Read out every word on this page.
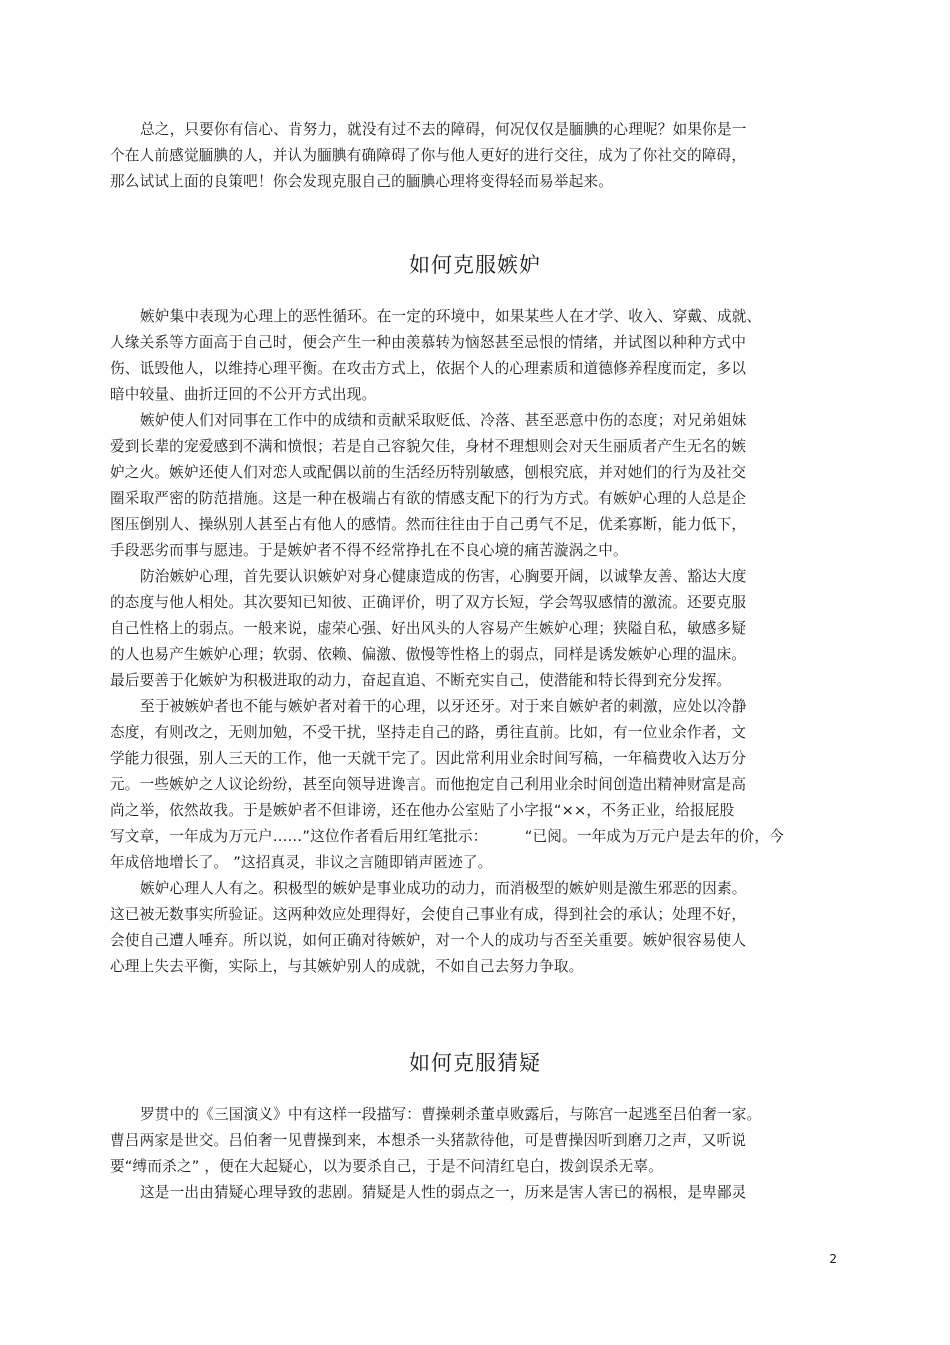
总之，只要你有信心、肯努力，就没有过不去的障碍，何况仅仅是腼腆的心理呢？如果你是一
个在人前感觉腼腆的人，并认为腼腆有确障碍了你与他人更好的进行交往，成为了你社交的障碍，
那么试试上面的良策吧！你会发现克服自己的腼腆心理将变得轻而易举起来。

如何克服嫉妒

嫉妒集中表现为心理上的恶性循环。在一定的环境中，如果某些人在才学、收入、穿戴、成就、
人缘关系等方面高于自己时，便会产生一种由羡慕转为恼怒甚至忌恨的情绪，并试图以种种方式中
伤、诋毁他人，以维持心理平衡。在攻击方式上，依据个人的心理素质和道德修养程度而定，多以
暗中较量、曲折迂回的不公开方式出现。

嫉妒使人们对同事在工作中的成绩和贡献采取贬低、冷落、甚至恶意中伤的态度；对兄弟姐妹
爱到长辈的宠爱感到不满和愤恨；若是自己容貌欠佳，身材不理想则会对天生丽质者产生无名的嫉
妒之火。嫉妒还使人们对恋人或配偶以前的生活经历特别敏感，刨根究底，并对她们的行为及社交
圈采取严密的防范措施。这是一种在极端占有欲的情感支配下的行为方式。有嫉妒心理的人总是企
图压倒别人、操纵别人甚至占有他人的感情。然而往往由于自己勇气不足，优柔寡断，能力低下，
手段恶劣而事与愿违。于是嫉妒者不得不经常挣扎在不良心境的痛苦漩涡之中。

防治嫉妒心理，首先要认识嫉妒对身心健康造成的伤害，心胸要开阔，以诚挚友善、豁达大度
的态度与他人相处。其次要知已知彼、正确评价，明了双方长短，学会驾驭感情的激流。还要克服
自己性格上的弱点。一般来说，虚荣心强、好出风头的人容易产生嫉妒心理；狭隘自私，敏感多疑
的人也易产生嫉妒心理；软弱、依赖、偏激、傲慢等性格上的弱点，同样是诱发嫉妒心理的温床。
最后要善于化嫉妒为积极进取的动力，奋起直追、不断充实自己，使潜能和特长得到充分发挥。

至于被嫉妒者也不能与嫉妒者对着干的心理，以牙还牙。对于来自嫉妒者的刺激，应处以冷静
态度，有则改之，无则加勉，不受干扰，坚持走自己的路，勇往直前。比如，有一位业余作者，文
学能力很强，别人三天的工作，他一天就干完了。因此常利用业余时间写稿，一年稿费收入达万分
元。一些嫉妒之人议论纷纷，甚至向领导进谗言。而他抱定自己利用业余时间创造出精神财富是高
尚之举，依然故我。于是嫉妒者不但诽谤，还在他办公室贴了小字报“××，不务正业，给报屁股
写文章，一年成为万元户……”这位作者看后用红笔批示：　　　“已阅。一年成为万元户是去年的价，今
年成倍地增长了。 ”这招真灵，非议之言随即销声匿迹了。

嫉妒心理人人有之。积极型的嫉妒是事业成功的动力，而消极型的嫉妒则是激生邪恶的因素。
这已被无数事实所验证。这两种效应处理得好，会使自己事业有成，得到社会的承认；处理不好，
会使自己遭人唾弃。所以说，如何正确对待嫉妒，对一个人的成功与否至关重要。嫉妒很容易使人
心理上失去平衡，实际上，与其嫉妒别人的成就，不如自己去努力争取。

如何克服猜疑

罗贯中的《三国演义》中有这样一段描写：曹操刺杀董卓败露后，与陈宫一起逃至吕伯奢一家。
曹吕两家是世交。吕伯奢一见曹操到来，本想杀一头猪款待他，可是曹操因听到磨刀之声，又听说
要“缚而杀之” ，便在大起疑心，以为要杀自己，于是不问清红皂白，拨剑误杀无辜。

这是一出由猜疑心理导致的悲剧。猜疑是人性的弱点之一，历来是害人害已的祸根，是卑鄙灵

2
